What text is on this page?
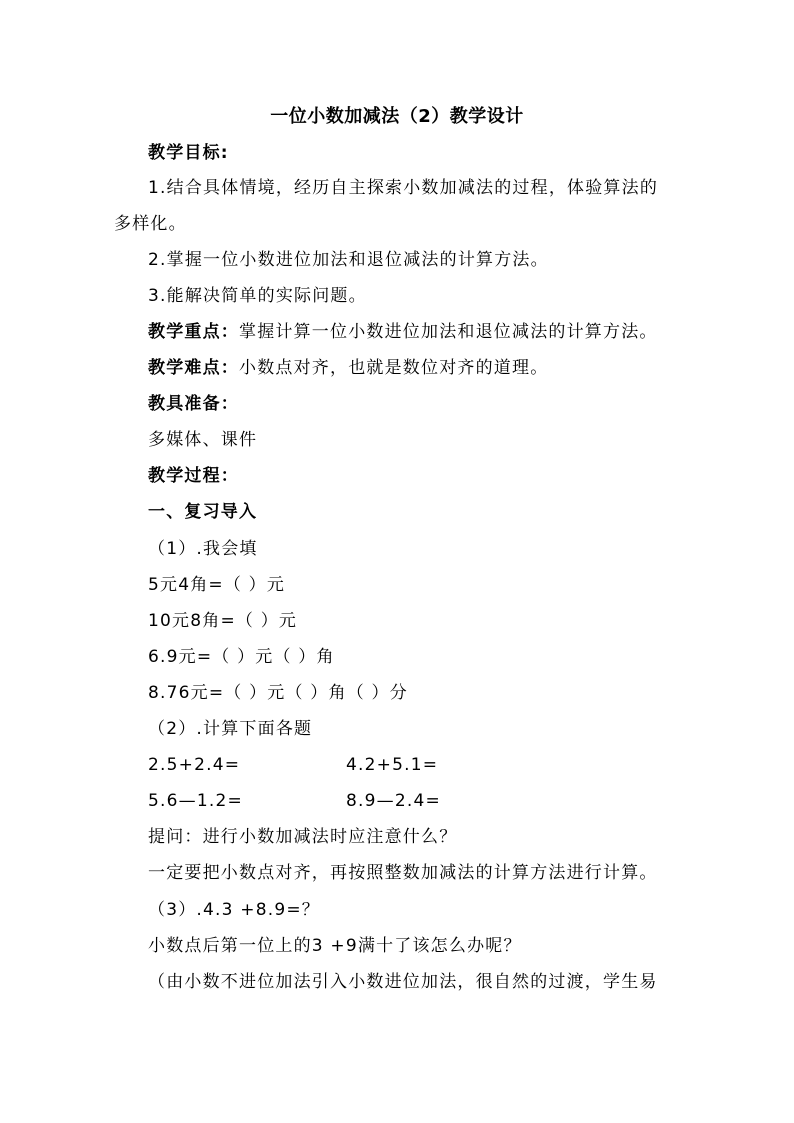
一位小数加减法（2）教学设计
教学目标:
1.结合具体情境，经历自主探索小数加减法的过程，体验算法的
多样化。
2.掌握一位小数进位加法和退位减法的计算方法。
3.能解决简单的实际问题。
教学重点：掌握计算一位小数进位加法和退位减法的计算方法。
教学难点：小数点对齐，也就是数位对齐的道理。
教具准备：
多媒体、课件
教学过程：
一、复习导入
（1）.我会填
5元4角=（ ）元
10元8角=（ ）元
6.9元=（ ）元（ ）角
8.76元=（ ）元（ ）角（ ）分
（2）.计算下面各题
2.5+2.4=	4.2+5.1=
5.6—1.2=	8.9—2.4=
提问：进行小数加减法时应注意什么？
一定要把小数点对齐，再按照整数加减法的计算方法进行计算。
（3）.4.3 +8.9=？
小数点后第一位上的3 +9满十了该怎么办呢？
（由小数不进位加法引入小数进位加法，很自然的过渡，学生易
